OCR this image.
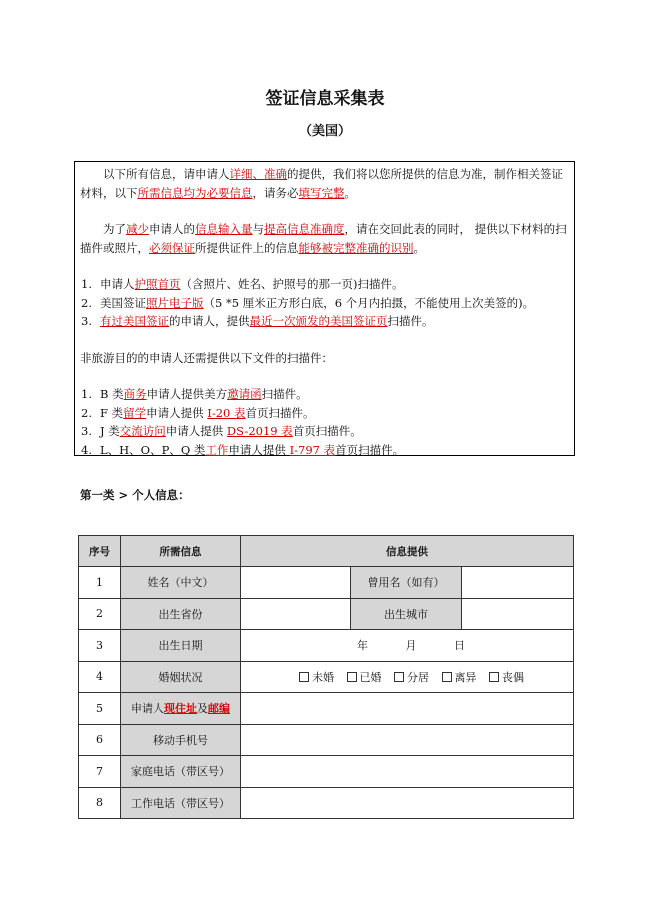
签证信息采集表
（美国）

以下所有信息，请申请人详细、准确的提供，我们将以您所提供的信息为准，制作相关签证材料，以下所需信息均为必要信息，请务必填写完整。

为了减少申请人的信息输入量与提高信息准确度，请在交回此表的同时， 提供以下材料的扫描件或照片，必须保证所提供证件上的信息能够被完整准确的识别。

1. 申请人护照首页（含照片、姓名、护照号的那一页)扫描件。
2. 美国签证照片电子版（5 *5 厘米正方形白底，6 个月内拍摄，不能使用上次美签的)。
3. 有过美国签证的申请人，提供最近一次颁发的美国签证页扫描件。

非旅游目的的申请人还需提供以下文件的扫描件：

1. B 类商务申请人提供美方邀请函扫描件。
2. F 类留学申请人提供 I-20 表首页扫描件。
3. J 类交流访问申请人提供 DS-2019 表首页扫描件。
4. L、H、O、P、Q 类工作申请人提供 I-797 表首页扫描件。
第一类 > 个人信息：
序号	所需信息	信息提供		
1	姓名（中文）		曾用名（如有）	
2	出生省份		出生城市	
3	出生日期	年 月 日		
4	婚姻状况	未婚 已婚 分居 离异 丧偶		
5	申请人现住址及邮编			
6	移动手机号			
7	家庭电话（带区号）			
8	工作电话（带区号）			
